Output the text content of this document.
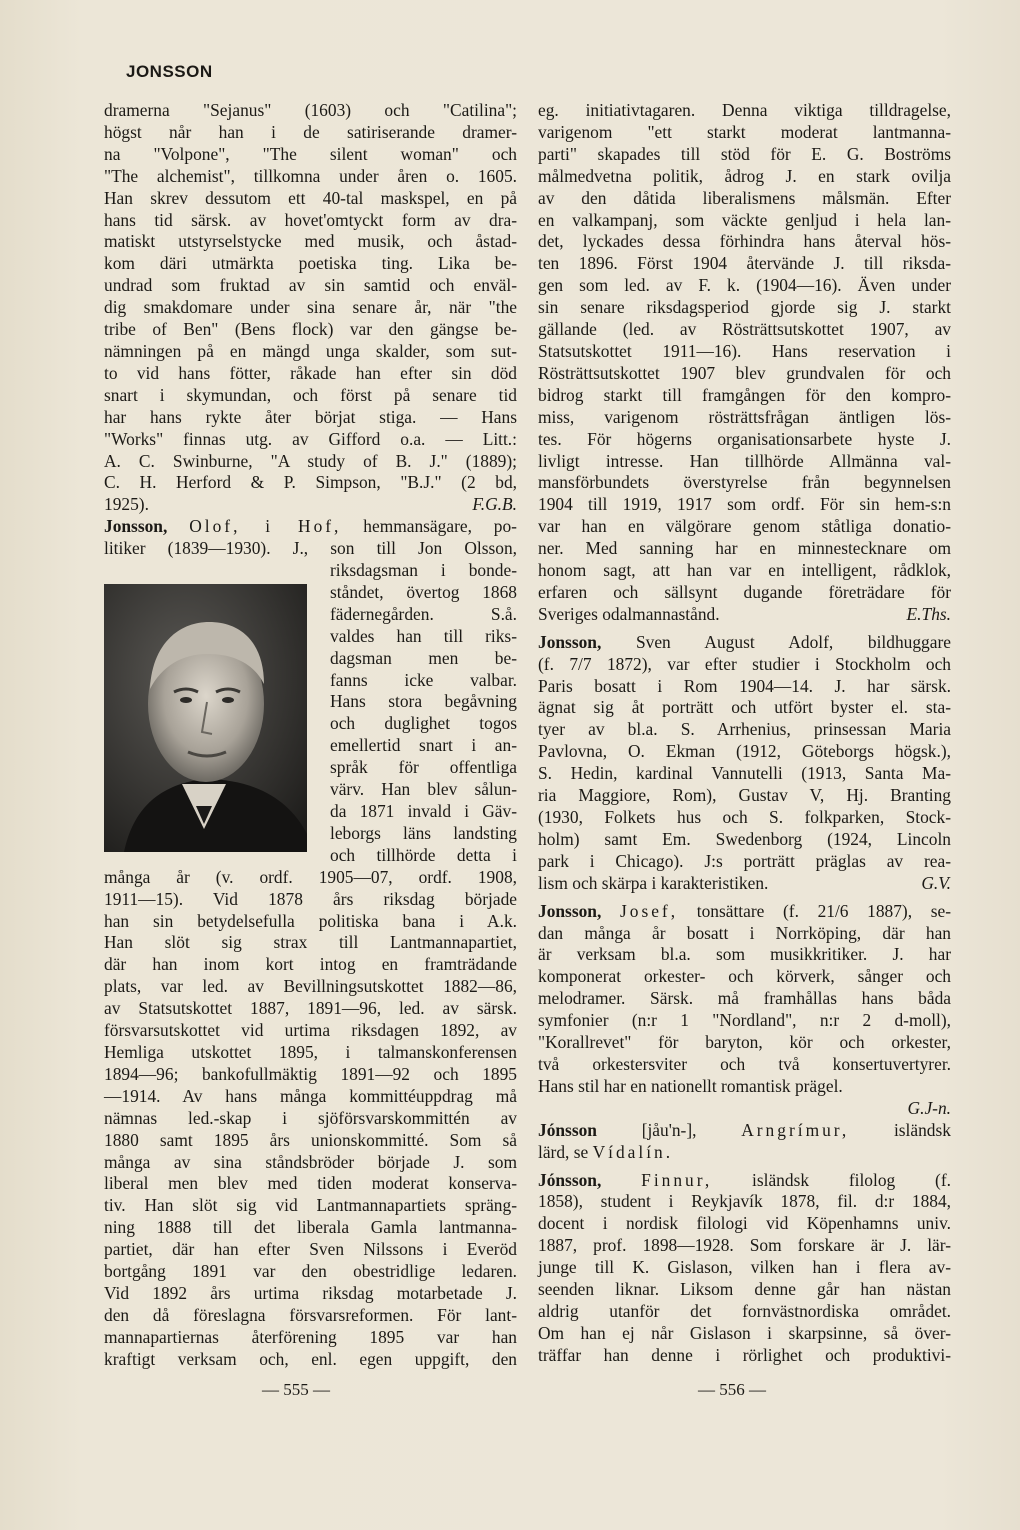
JONSSON
dramerna "Sejanus" (1603) och "Catilina";
högst når han i de satiriserande dramer-
na "Volpone", "The silent woman" och
"The alchemist", tillkomna under åren o. 1605.
Han skrev dessutom ett 40-tal maskspel, en på
hans tid särsk. av hovet'omtyckt form av dra-
matiskt utstyrselstycke med musik, och åstad-
kom däri utmärkta poetiska ting. Lika be-
undrad som fruktad av sin samtid och enväl-
dig smakdomare under sina senare år, när "the
tribe of Ben" (Bens flock) var den gängse be-
nämningen på en mängd unga skalder, som sut-
to vid hans fötter, råkade han efter sin död
snart i skymundan, och först på senare tid
har hans rykte åter börjat stiga. — Hans
"Works" finnas utg. av Gifford o.a. — Litt.:
A. C. Swinburne, "A study of B. J." (1889);
C. H. Herford & P. Simpson, "B.J." (2 bd,
1925).	F.G.B.
Jonsson, Olof, i Hof, hemmansägare, po-
litiker (1839—1930). J., son till Jon Olsson,
riksdagsman i bonde-
ståndet, övertog 1868
fädernegården. S.å.
valdes han till riks-
dagsman men be-
fanns icke valbar.
Hans stora begåvning
och duglighet togos
emellertid snart i an-
språk för offentliga
värv. Han blev sålun-
da 1871 invald i Gäv-
leborgs läns landsting
och tillhörde detta i
många år (v. ordf. 1905—07, ordf. 1908,
1911—15). Vid 1878 års riksdag började
han sin betydelsefulla politiska bana i A.k.
Han slöt sig strax till Lantmannapartiet,
där han inom kort intog en framträdande
plats, var led. av Bevillningsutskottet 1882—86,
av Statsutskottet 1887, 1891—96, led. av särsk.
försvarsutskottet vid urtima riksdagen 1892, av
Hemliga utskottet 1895, i talmanskonferensen
1894—96; bankofullmäktig 1891—92 och 1895
—1914. Av hans många kommittéuppdrag må
nämnas led.-skap i sjöförsvarskommittén av
1880 samt 1895 års unionskommitté. Som så
många av sina ståndsbröder började J. som
liberal men blev med tiden moderat konserva-
tiv. Han slöt sig vid Lantmannapartiets spräng-
ning 1888 till det liberala Gamla lantmanna-
partiet, där han efter Sven Nilssons i Everöd
bortgång 1891 var den obestridlige ledaren.
Vid 1892 års urtima riksdag motarbetade J.
den då föreslagna försvarsreformen. För lant-
mannapartiernas återförening 1895 var han
kraftigt verksam och, enl. egen uppgift, den
eg. initiativtagaren. Denna viktiga tilldragelse,
varigenom "ett starkt moderat lantmanna-
parti" skapades till stöd för E. G. Boströms
målmedvetna politik, ådrog J. en stark ovilja
av den dåtida liberalismens målsmän. Efter
en valkampanj, som väckte genljud i hela lan-
det, lyckades dessa förhindra hans återval hös-
ten 1896. Först 1904 återvände J. till riksda-
gen som led. av F. k. (1904—16). Även under
sin senare riksdagsperiod gjorde sig J. starkt
gällande (led. av Rösträttsutskottet 1907, av
Statsutskottet 1911—16). Hans reservation i
Rösträttsutskottet 1907 blev grundvalen för och
bidrog starkt till framgången för den kompro-
miss, varigenom rösträttsfrågan äntligen lös-
tes. För högerns organisationsarbete hyste J.
livligt intresse. Han tillhörde Allmänna val-
mansförbundets överstyrelse från begynnelsen
1904 till 1919, 1917 som ordf. För sin hem-s:n
var han en välgörare genom ståtliga donatio-
ner. Med sanning har en minnestecknare om
honom sagt, att han var en intelligent, rådklok,
erfaren och sällsynt dugande företrädare för
Sveriges odalmannastånd.	E.Ths.
Jonsson, Sven August Adolf, bildhuggare
(f. 7/7 1872), var efter studier i Stockholm och
Paris bosatt i Rom 1904—14. J. har särsk.
ägnat sig åt porträtt och utfört byster el. sta-
tyer av bl.a. S. Arrhenius, prinsessan Maria
Pavlovna, O. Ekman (1912, Göteborgs högsk.),
S. Hedin, kardinal Vannutelli (1913, Santa Ma-
ria Maggiore, Rom), Gustav V, Hj. Branting
(1930, Folkets hus och S. folkparken, Stock-
holm) samt Em. Swedenborg (1924, Lincoln
park i Chicago). J:s porträtt präglas av rea-
lism och skärpa i karakteristiken.	G.V.
Jonsson, Josef, tonsättare (f. 21/6 1887), se-
dan många år bosatt i Norrköping, där han
är verksam bl.a. som musikkritiker. J. har
komponerat orkester- och körverk, sånger och
melodramer. Särsk. må framhållas hans båda
symfonier (n:r 1 "Nordland", n:r 2 d-moll),
"Korallrevet" för baryton, kör och orkester,
två orkestersviter och två konsertuvertyrer.
Hans stil har en nationellt romantisk prägel.
G.J-n.
Jónsson	[jåu'n-],	Arngrímur,	isländsk
lärd, se Vídalín.
Jónsson, Finnur, isländsk filolog (f.
1858), student i Reykjavík 1878, fil. d:r 1884,
docent i nordisk filologi vid Köpenhamns univ.
1887, prof. 1898—1928. Som forskare är J. lär-
junge till K. Gislason, vilken han i flera av-
seenden liknar. Liksom denne går han nästan
aldrig utanför det fornvästnordiska området.
Om han ej når Gislason i skarpsinne, så över-
träffar han denne i rörlighet och produktivi-
— 555 —	— 556 —
